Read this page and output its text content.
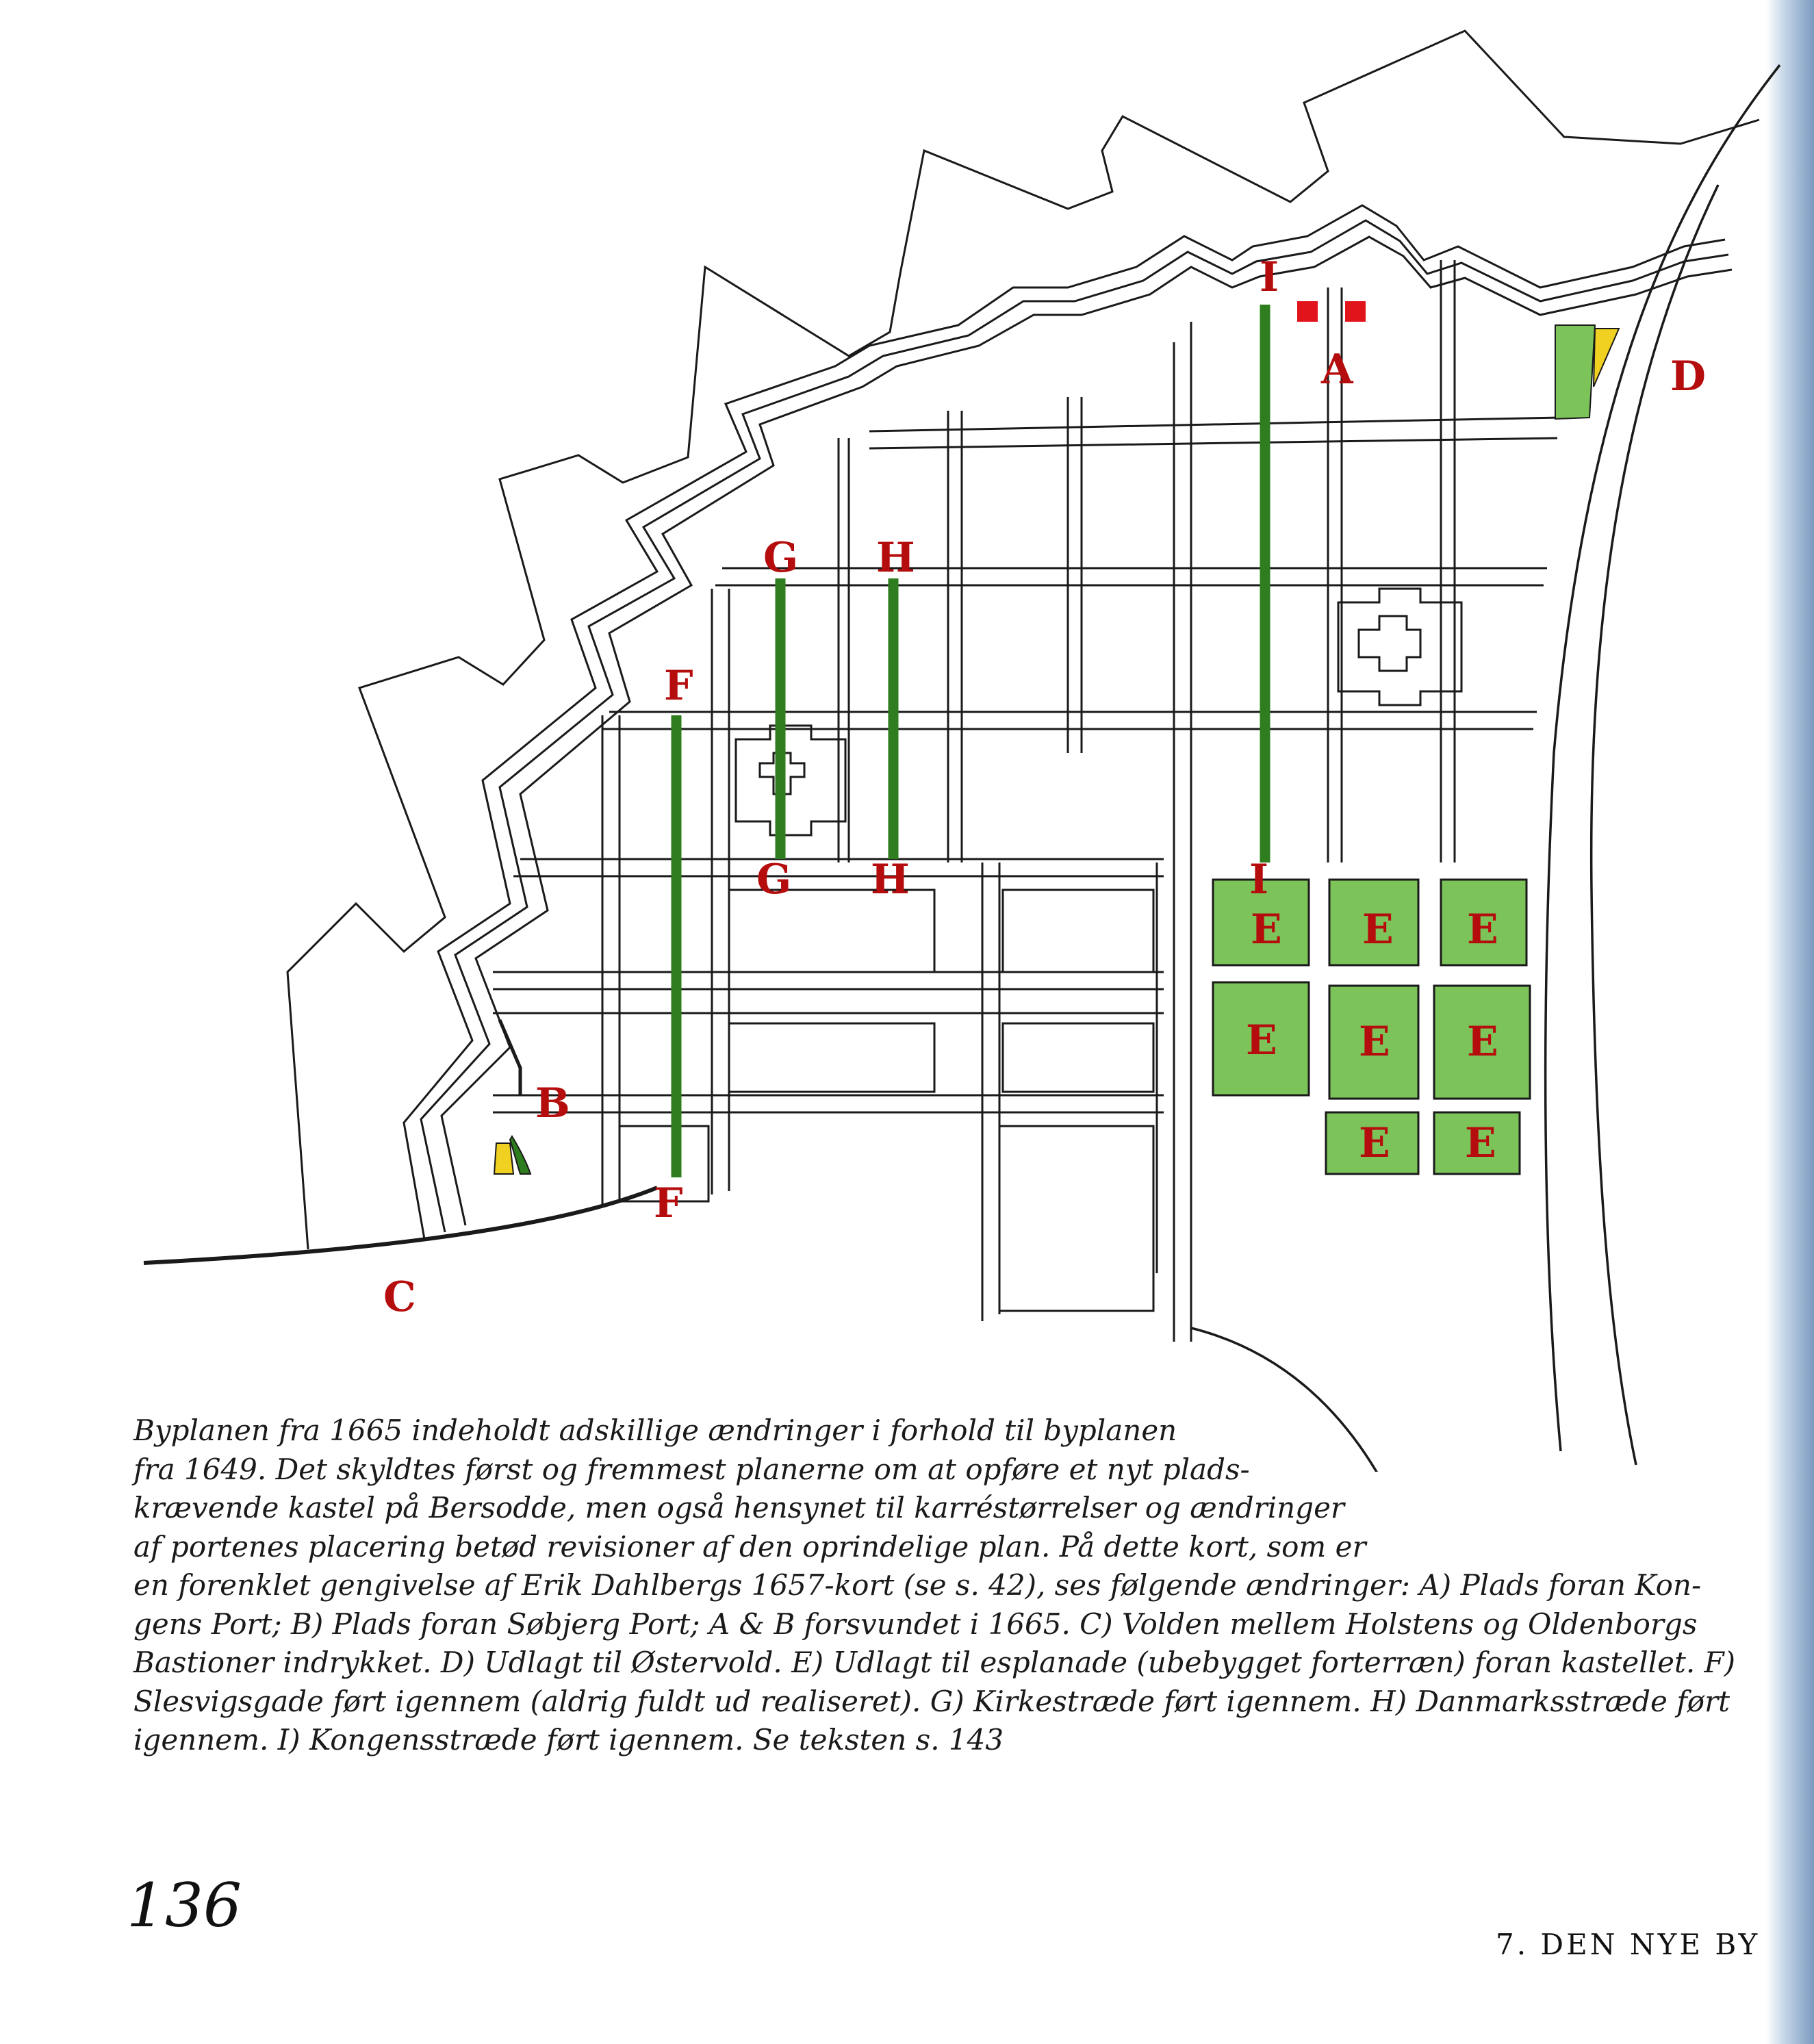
A
B
C
D
E E E
E E E
E E
F
F
G
G
H
H
I
I
Byplanen fra 1665 indeholdt adskillige ændringer i forhold til byplanen
fra 1649. Det skyldtes først og fremmest planerne om at opføre et nyt plads-
krævende kastel på Bersodde, men også hensynet til karréstørrelser og ændringer
af portenes placering betød revisioner af den oprindelige plan. På dette kort, som er
en forenklet gengivelse af Erik Dahlbergs 1657-kort (se s. 42), ses følgende ændringer: A) Plads foran Kon-
gens Port; B) Plads foran Søbjerg Port; A & B forsvundet i 1665. C) Volden mellem Holstens og Oldenborgs
Bastioner indrykket. D) Udlagt til Østervold. E) Udlagt til esplanade (ubebygget forterræn) foran kastellet. F)
Slesvigsgade ført igennem (aldrig fuldt ud realiseret). G) Kirkestræde ført igennem. H) Danmarksstræde ført
igennem. I) Kongensstræde ført igennem. Se teksten s. 143
136
7. DEN NYE BY
